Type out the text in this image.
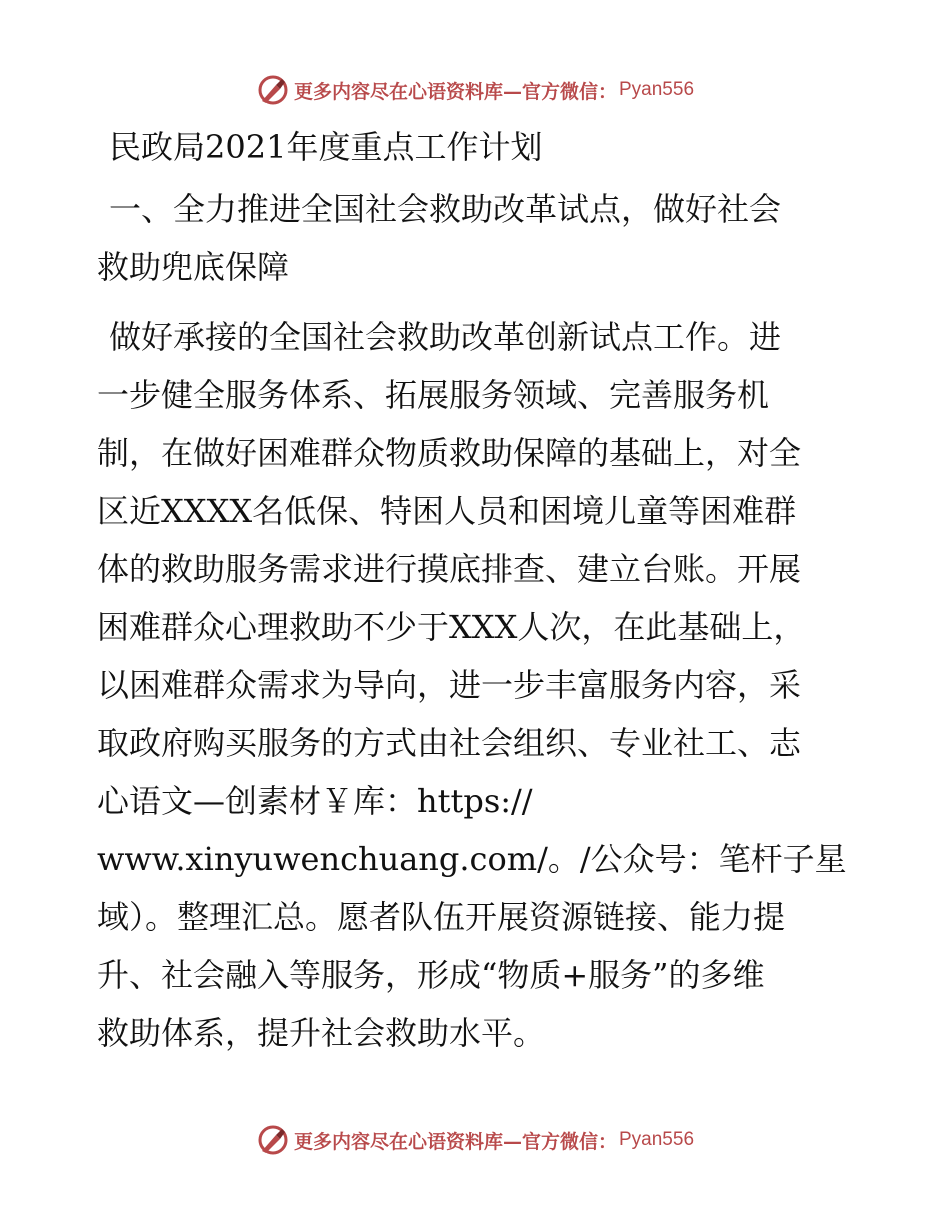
更多内容尽在心语资料库—官方微信： Pyan556
民政局2021年度重点工作计划
一、全力推进全国社会救助改革试点，做好社会
救助兜底保障
做好承接的全国社会救助改革创新试点工作。进
一步健全服务体系、拓展服务领域、完善服务机
制，在做好困难群众物质救助保障的基础上，对全
区近XXXX名低保、特困人员和困境儿童等困难群
体的救助服务需求进行摸底排查、建立台账。开展
困难群众心理救助不少于XXX人次，在此基础上，
以困难群众需求为导向，进一步丰富服务内容，采
取政府购买服务的方式由社会组织、专业社工、志
心语文—创素材￥库：https://
www.xinyuwenchuang.com/。/公众号：笔杆子星
域）。整理汇总。愿者队伍开展资源链接、能力提
升、社会融入等服务，形成“物质+服务”的多维
救助体系，提升社会救助水平。
更多内容尽在心语资料库—官方微信： Pyan556
